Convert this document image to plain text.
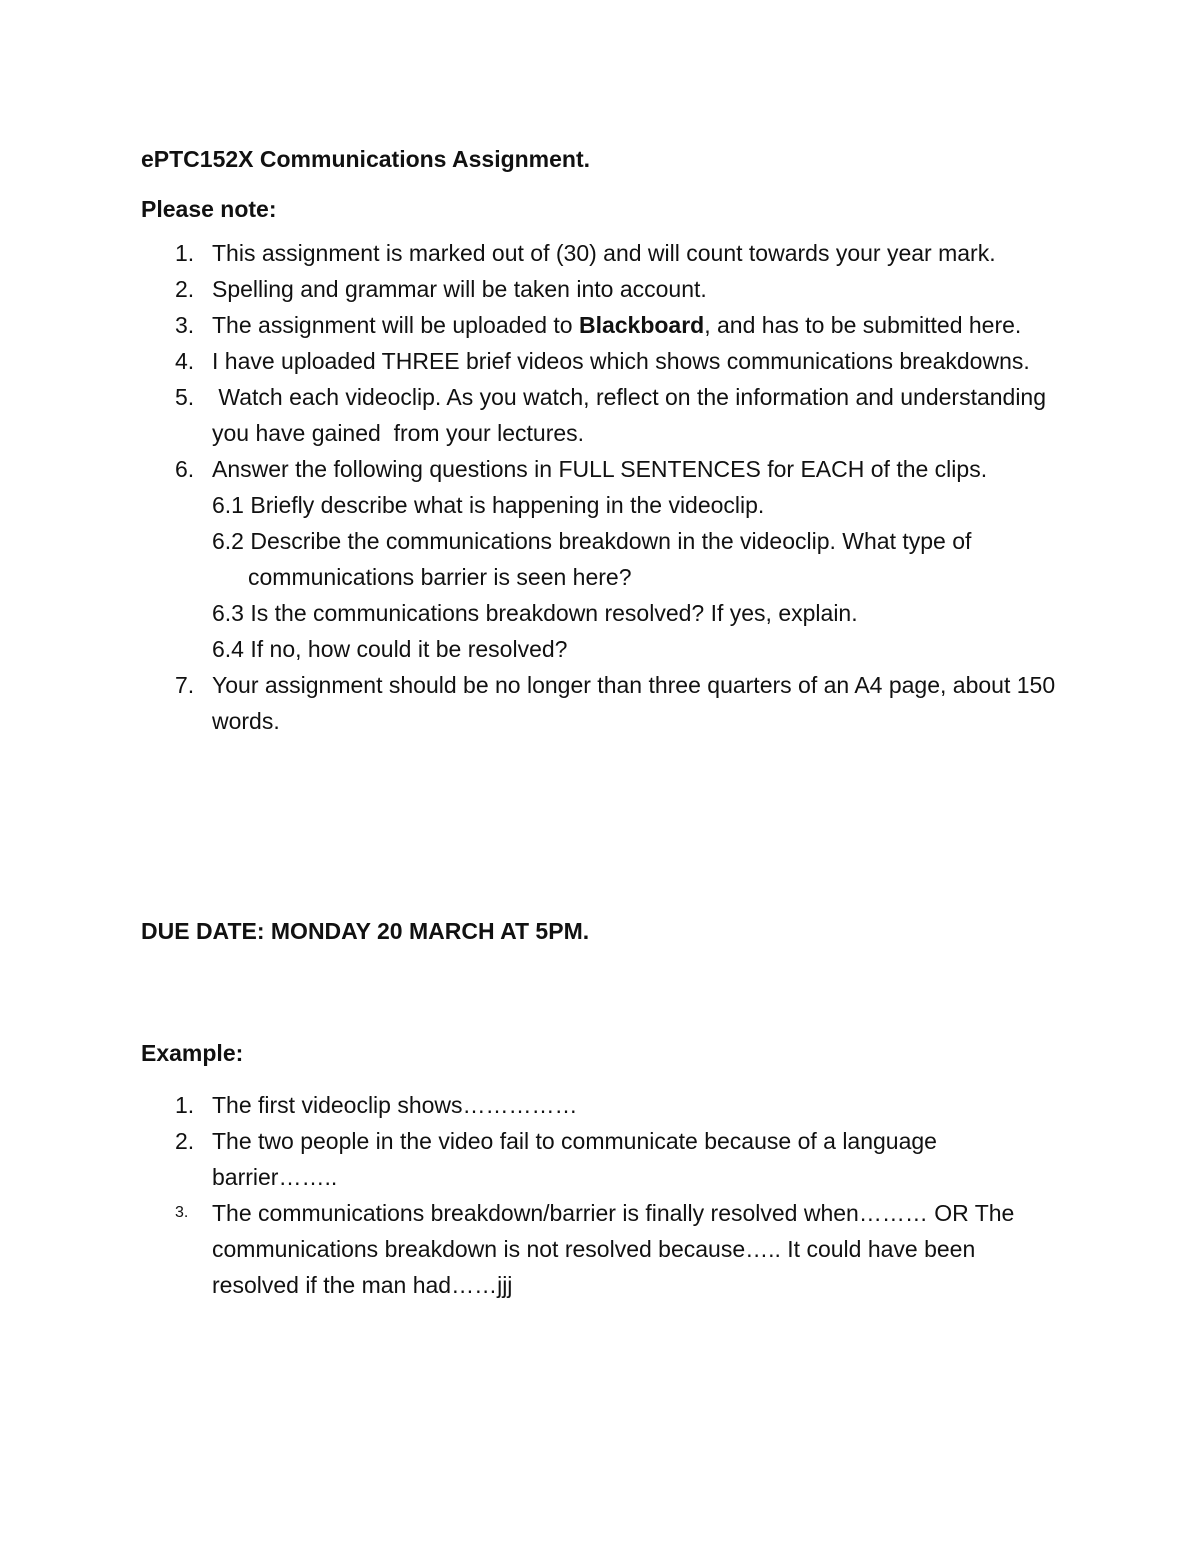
ePTC152X Communications Assignment.

Please note:

1. This assignment is marked out of (30) and will count towards your year mark.
2. Spelling and grammar will be taken into account.
3. The assignment will be uploaded to Blackboard, and has to be submitted here.
4. I have uploaded THREE brief videos which shows communications breakdowns.
5. Watch each videoclip. As you watch, reflect on the information and understanding you have gained  from your lectures.
6. Answer the following questions in FULL SENTENCES for EACH of the clips.
6.1 Briefly describe what is happening in the videoclip.
6.2 Describe the communications breakdown in the videoclip. What type of communications barrier is seen here?
6.3 Is the communications breakdown resolved? If yes, explain.
6.4 If no, how could it be resolved?
7. Your assignment should be no longer than three quarters of an A4 page, about 150 words.

DUE DATE: MONDAY 20 MARCH AT 5PM.

Example:

1. The first videoclip shows……………
2. The two people in the video fail to communicate because of a language barrier……..
3. The communications breakdown/barrier is finally resolved when……… OR The communications breakdown is not resolved because….. It could have been resolved if the man had……jjj
